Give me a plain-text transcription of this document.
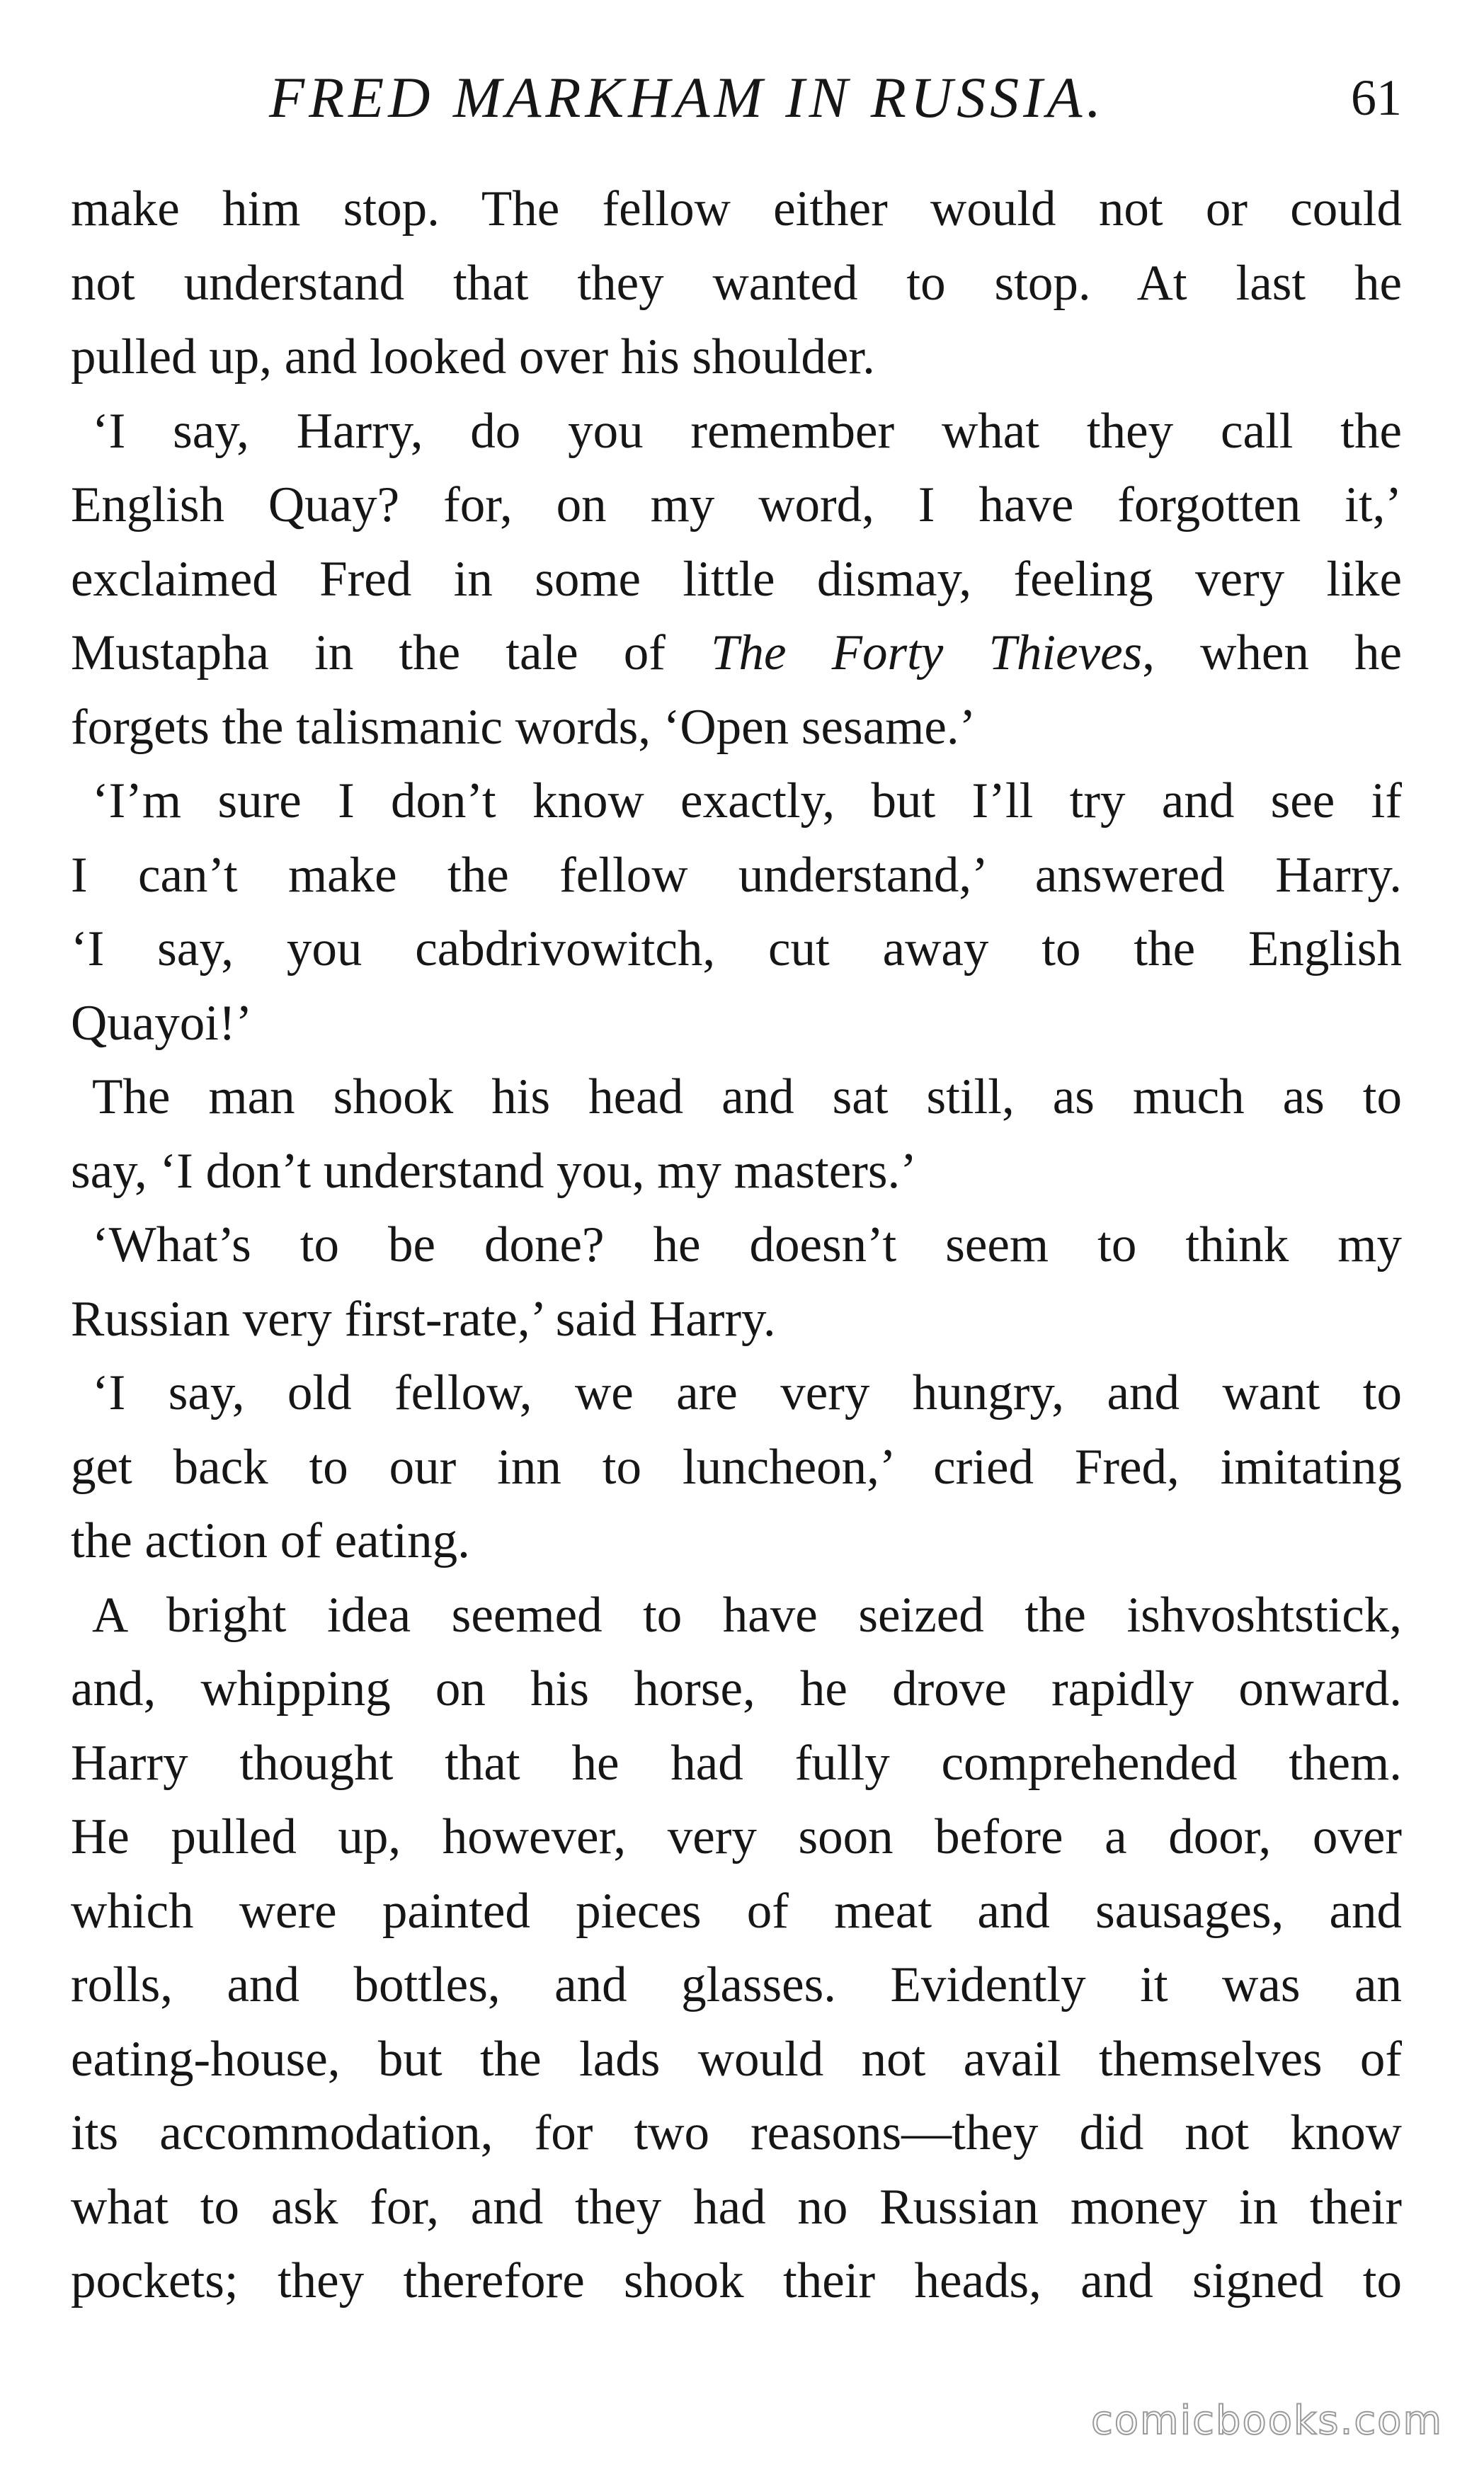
FRED MARKHAM IN RUSSIA.	61

make him stop. The fellow either would not or could
not understand that they wanted to stop. At last he
pulled up, and looked over his shoulder.

‘I say, Harry, do you remember what they call the
English Quay? for, on my word, I have forgotten it,’
exclaimed Fred in some little dismay, feeling very like
Mustapha in the tale of The Forty Thieves, when he
forgets the talismanic words, ‘Open sesame.’

‘I’m sure I don’t know exactly, but I’ll try and see if
I can’t make the fellow understand,’ answered Harry.
‘I say, you cabdrivowitch, cut away to the English
Quayoi!’

The man shook his head and sat still, as much as to
say, ‘I don’t understand you, my masters.’

‘What’s to be done? he doesn’t seem to think my
Russian very first-rate,’ said Harry.

‘I say, old fellow, we are very hungry, and want to
get back to our inn to luncheon,’ cried Fred, imitating
the action of eating.

A bright idea seemed to have seized the ishvoshtstick,
and, whipping on his horse, he drove rapidly onward.
Harry thought that he had fully comprehended them.
He pulled up, however, very soon before a door, over
which were painted pieces of meat and sausages, and
rolls, and bottles, and glasses. Evidently it was an
eating-house, but the lads would not avail themselves of
its accommodation, for two reasons—they did not know
what to ask for, and they had no Russian money in their
pockets; they therefore shook their heads, and signed to

comicbooks.com
